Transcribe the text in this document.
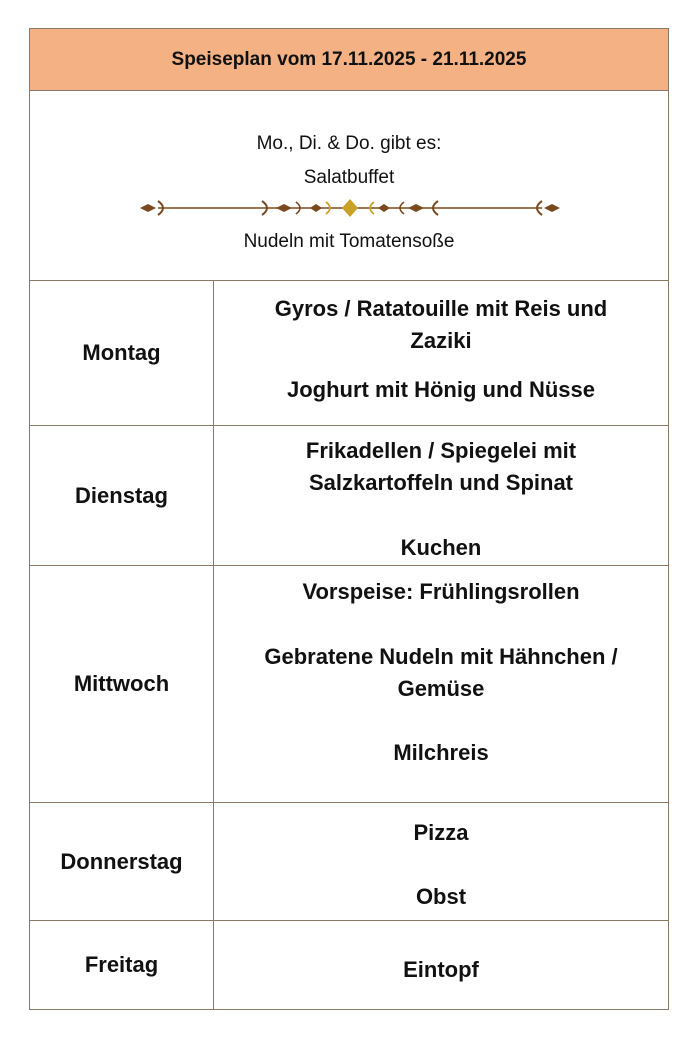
Speiseplan vom 17.11.2025 - 21.11.2025
Mo., Di. & Do. gibt es:
Salatbuffet
Nudeln mit Tomatensoße
Montag

Gyros / Ratatouille mit Reis und

Zaziki

Joghurt mit Hönig und Nüsse

Dienstag

Frikadellen / Spiegelei mit

Salzkartoffeln und Spinat

Kuchen

Mittwoch

Vorspeise: Frühlingsrollen

Gebratene Nudeln mit Hähnchen /

Gemüse

Milchreis

Donnerstag

Pizza

Obst

Freitag	Eintopf
